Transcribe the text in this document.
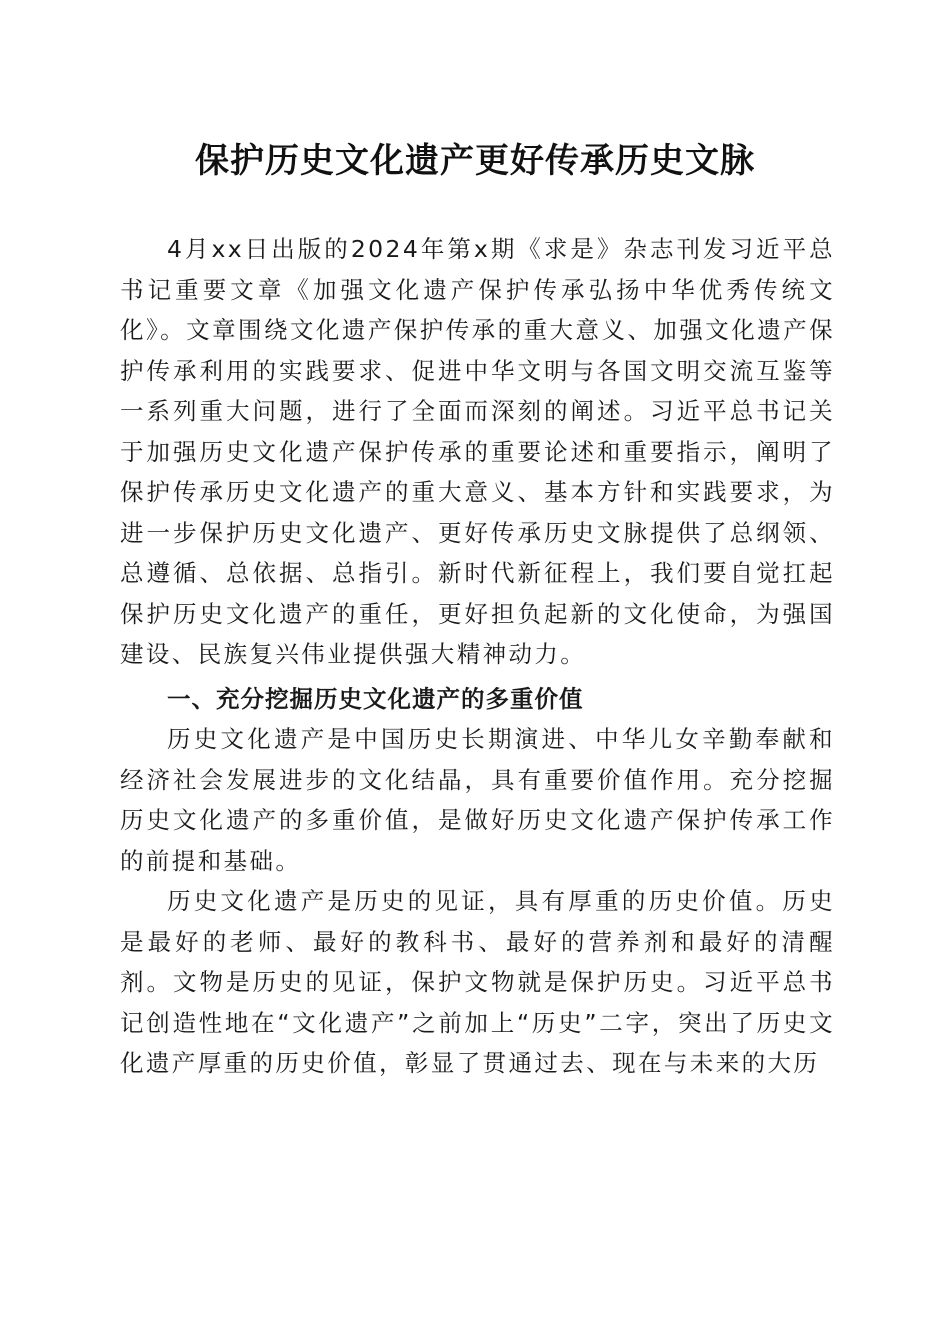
保护历史文化遗产更好传承历史文脉

4月xx日出版的2024年第x期《求是》杂志刊发习近平总书记重要文章《加强文化遗产保护传承弘扬中华优秀传统文化》。文章围绕文化遗产保护传承的重大意义、加强文化遗产保护传承利用的实践要求、促进中华文明与各国文明交流互鉴等一系列重大问题，进行了全面而深刻的阐述。习近平总书记关于加强历史文化遗产保护传承的重要论述和重要指示，阐明了保护传承历史文化遗产的重大意义、基本方针和实践要求，为进一步保护历史文化遗产、更好传承历史文脉提供了总纲领、总遵循、总依据、总指引。新时代新征程上，我们要自觉扛起保护历史文化遗产的重任，更好担负起新的文化使命，为强国建设、民族复兴伟业提供强大精神动力。

一、充分挖掘历史文化遗产的多重价值

历史文化遗产是中国历史长期演进、中华儿女辛勤奉献和经济社会发展进步的文化结晶，具有重要价值作用。充分挖掘历史文化遗产的多重价值，是做好历史文化遗产保护传承工作的前提和基础。

历史文化遗产是历史的见证，具有厚重的历史价值。历史是最好的老师、最好的教科书、最好的营养剂和最好的清醒剂。文物是历史的见证，保护文物就是保护历史。习近平总书记创造性地在“文化遗产”之前加上“历史”二字，突出了历史文化遗产厚重的历史价值，彰显了贯通过去、现在与未来的大历
